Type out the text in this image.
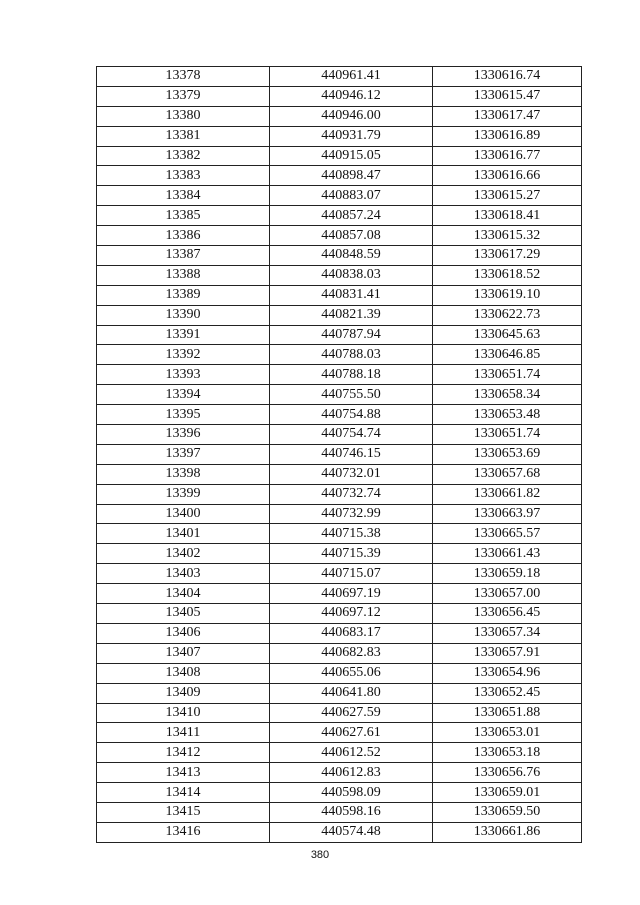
13378	440961.41	1330616.74
13379	440946.12	1330615.47
13380	440946.00	1330617.47
13381	440931.79	1330616.89
13382	440915.05	1330616.77
13383	440898.47	1330616.66
13384	440883.07	1330615.27
13385	440857.24	1330618.41
13386	440857.08	1330615.32
13387	440848.59	1330617.29
13388	440838.03	1330618.52
13389	440831.41	1330619.10
13390	440821.39	1330622.73
13391	440787.94	1330645.63
13392	440788.03	1330646.85
13393	440788.18	1330651.74
13394	440755.50	1330658.34
13395	440754.88	1330653.48
13396	440754.74	1330651.74
13397	440746.15	1330653.69
13398	440732.01	1330657.68
13399	440732.74	1330661.82
13400	440732.99	1330663.97
13401	440715.38	1330665.57
13402	440715.39	1330661.43
13403	440715.07	1330659.18
13404	440697.19	1330657.00
13405	440697.12	1330656.45
13406	440683.17	1330657.34
13407	440682.83	1330657.91
13408	440655.06	1330654.96
13409	440641.80	1330652.45
13410	440627.59	1330651.88
13411	440627.61	1330653.01
13412	440612.52	1330653.18
13413	440612.83	1330656.76
13414	440598.09	1330659.01
13415	440598.16	1330659.50
13416	440574.48	1330661.86
380
